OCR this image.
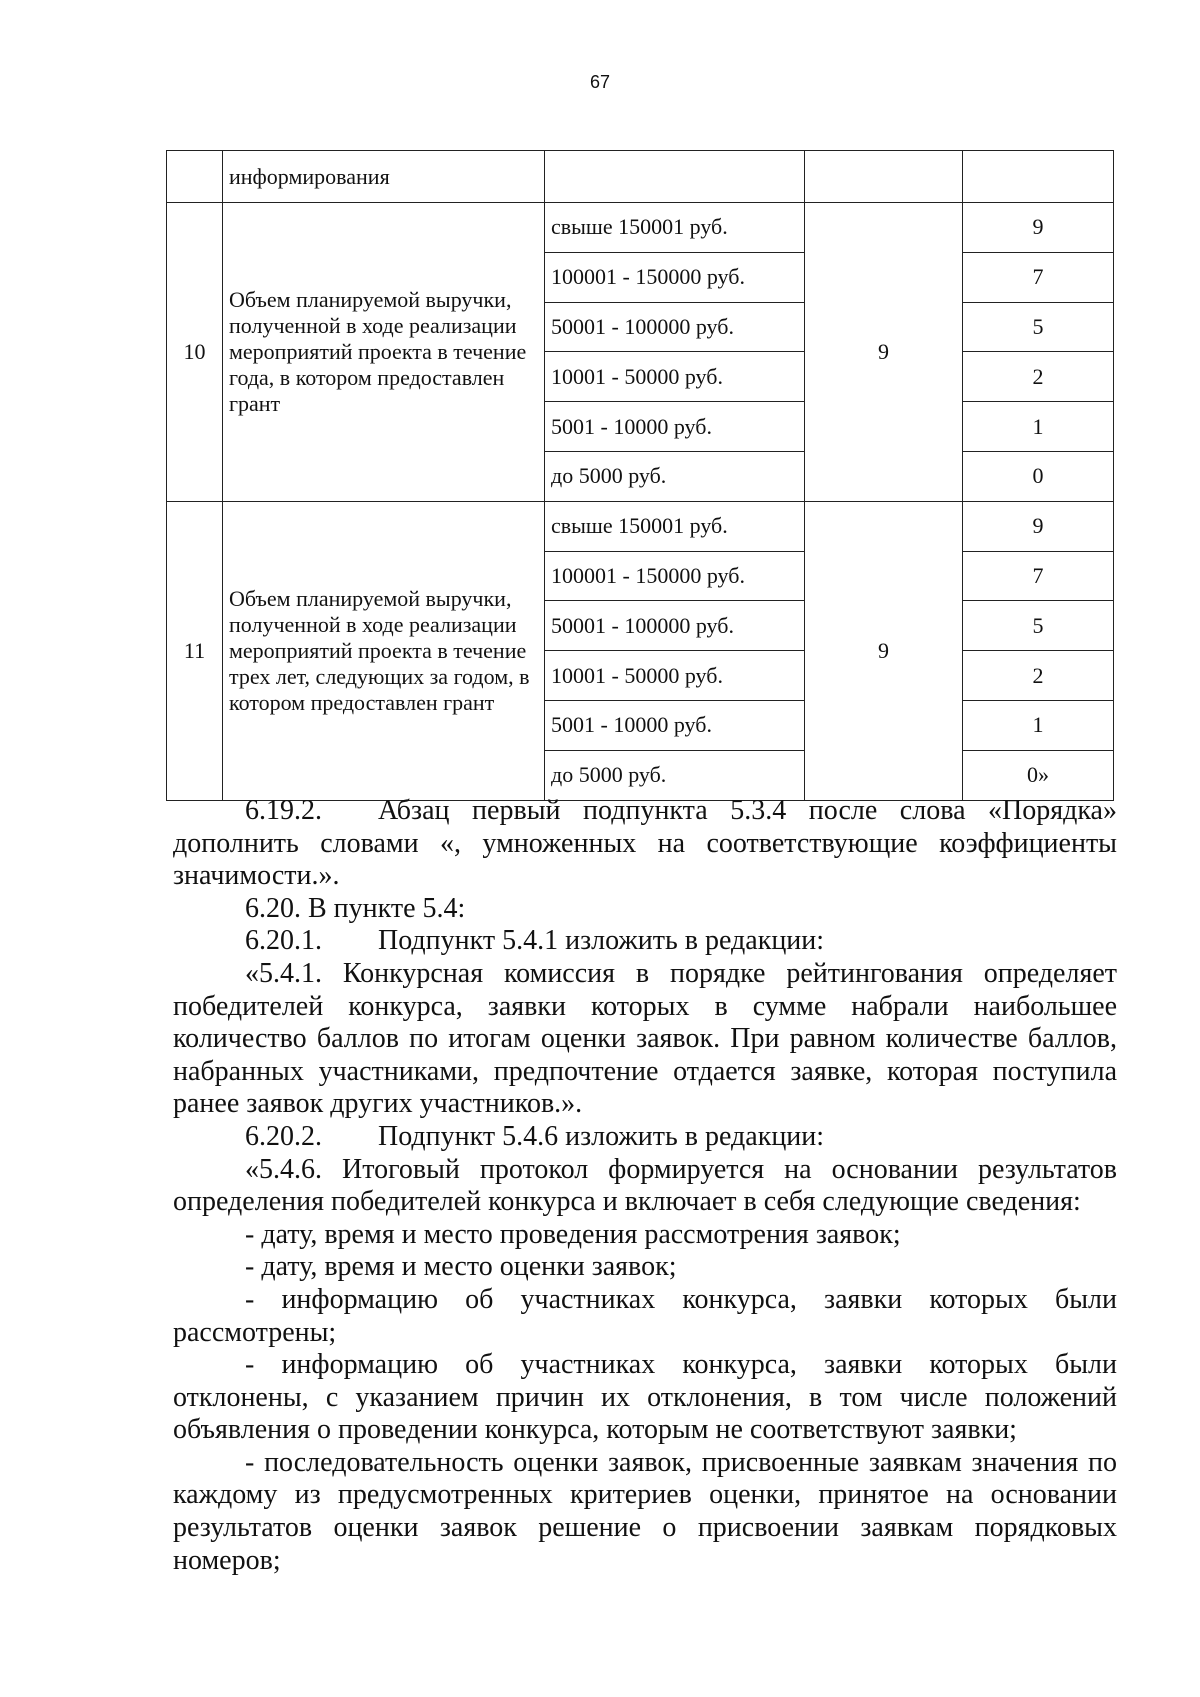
67
	информирования			
10	Объем планируемой выручки, полученной в ходе реализации мероприятий проекта в течение года, в котором предоставлен грант	свыше 150001 руб.	9	9
		100001 - 150000 руб.		7
		50001 - 100000 руб.		5
		10001 - 50000 руб.		2
		5001 - 10000 руб.		1
		до 5000 руб.		0
11	Объем планируемой выручки, полученной в ходе реализации мероприятий проекта в течение трех лет, следующих за годом, в котором предоставлен грант	свыше 150001 руб.	9	9
		100001 - 150000 руб.		7
		50001 - 100000 руб.		5
		10001 - 50000 руб.		2
		5001 - 10000 руб.		1
		до 5000 руб.		0»

6.19.2. Абзац первый подпункта 5.3.4 после слова «Порядка» дополнить словами «, умноженных на соответствующие коэффициенты значимости.».

6.20. В пункте 5.4:

6.20.1. Подпункт 5.4.1 изложить в редакции:

«5.4.1. Конкурсная комиссия в порядке рейтингования определяет победителей конкурса, заявки которых в сумме набрали наибольшее количество баллов по итогам оценки заявок. При равном количестве баллов, набранных участниками, предпочтение отдается заявке, которая поступила ранее заявок других участников.».

6.20.2. Подпункт 5.4.6 изложить в редакции:

«5.4.6. Итоговый протокол формируется на основании результатов определения победителей конкурса и включает в себя следующие сведения:

- дату, время и место проведения рассмотрения заявок;

- дату, время и место оценки заявок;

- информацию об участниках конкурса, заявки которых были рассмотрены;

- информацию об участниках конкурса, заявки которых были отклонены, с указанием причин их отклонения, в том числе положений объявления о проведении конкурса, которым не соответствуют заявки;

- последовательность оценки заявок, присвоенные заявкам значения по каждому из предусмотренных критериев оценки, принятое на основании результатов оценки заявок решение о присвоении заявкам порядковых номеров;
